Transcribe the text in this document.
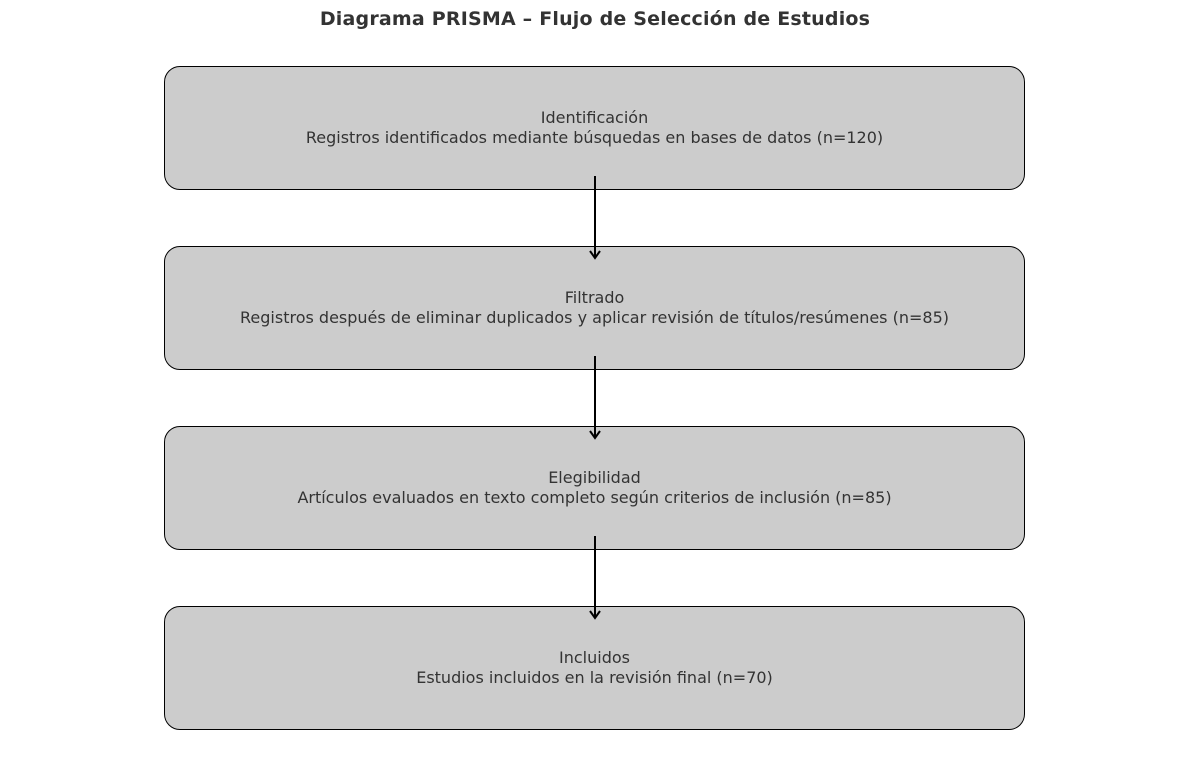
Diagrama PRISMA – Flujo de Selección de Estudios
Identificación
Registros identificados mediante búsquedas en bases de datos (n=120)
Filtrado
Registros después de eliminar duplicados y aplicar revisión de títulos/resúmenes (n=85)
Elegibilidad
Artículos evaluados en texto completo según criterios de inclusión (n=85)
Incluidos
Estudios incluidos en la revisión final (n=70)
